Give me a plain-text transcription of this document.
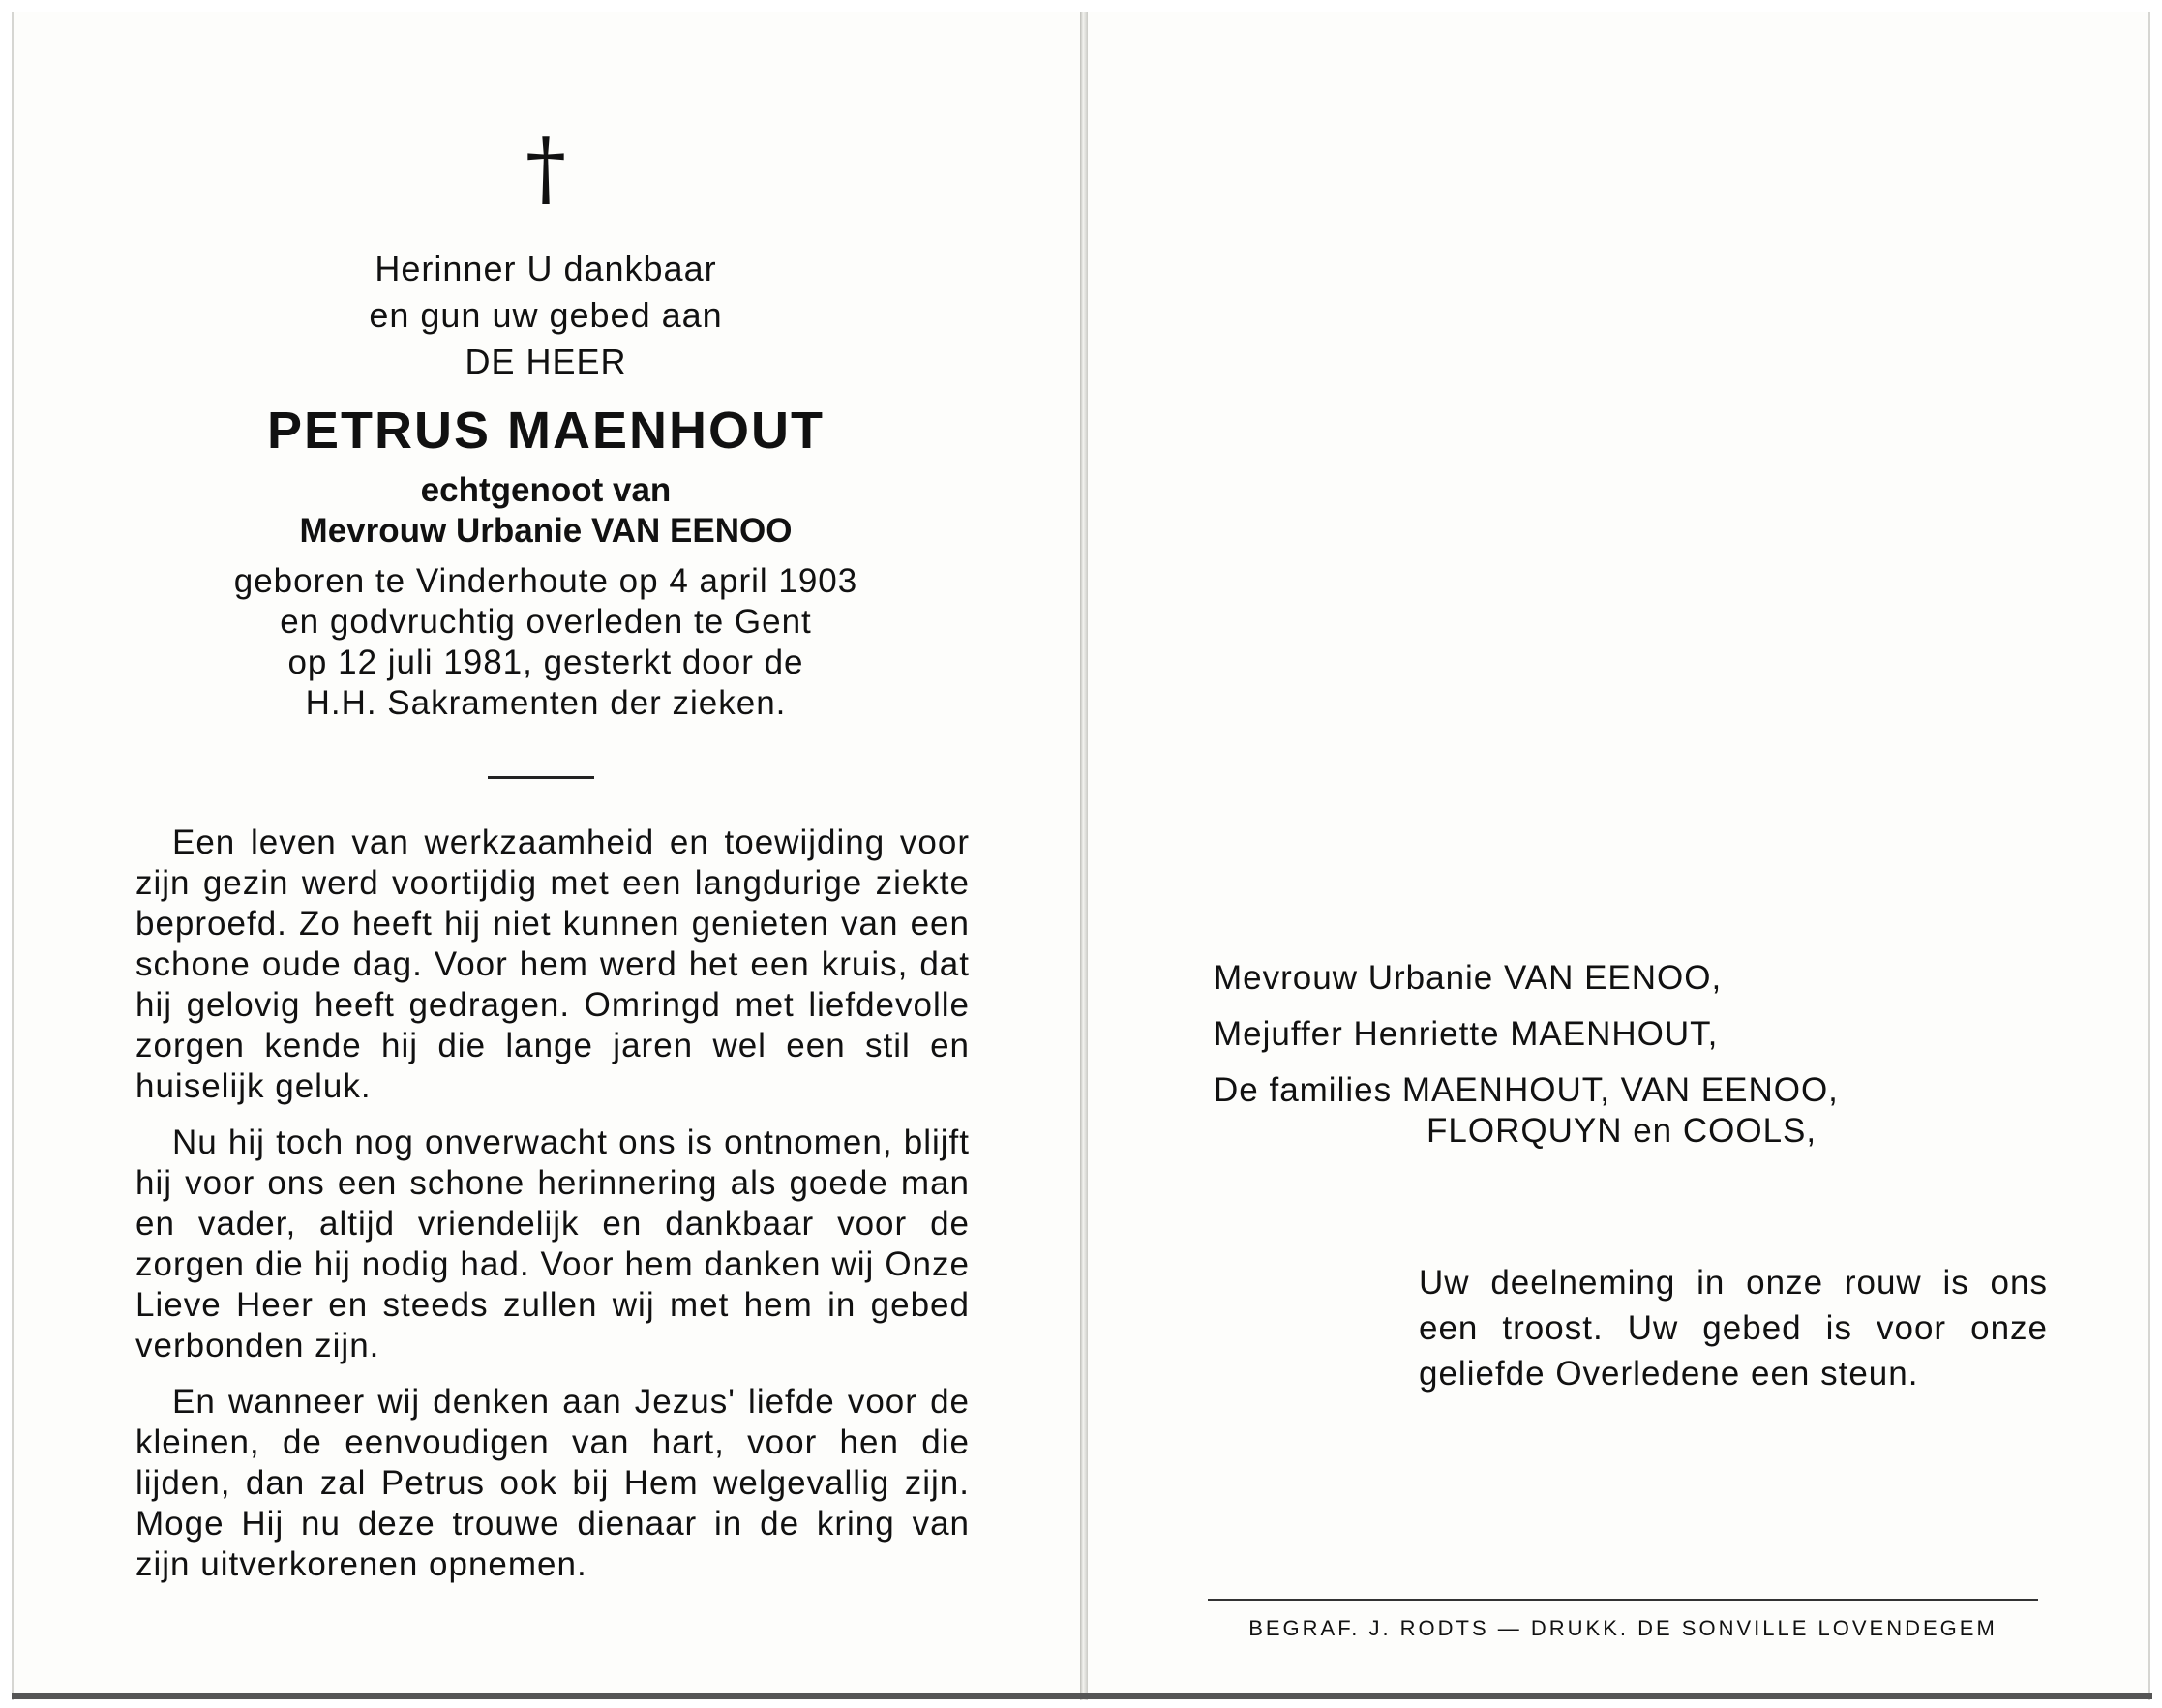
†
Herinner U dankbaar
en gun uw gebed aan
DE HEER
PETRUS MAENHOUT
echtgenoot van
Mevrouw Urbanie VAN EENOO
geboren te Vinderhoute op 4 april 1903
en godvruchtig overleden te Gent
op 12 juli 1981, gesterkt door de
H.H. Sakramenten der zieken.

Een leven van werkzaamheid en toewijding voor zijn gezin werd voortijdig met een langdurige ziekte beproefd. Zo heeft hij niet kunnen genieten van een schone oude dag. Voor hem werd het een kruis, dat hij gelovig heeft gedragen. Omringd met liefdevolle zorgen kende hij die lange jaren wel een stil en huiselijk geluk.

Nu hij toch nog onverwacht ons is ontnomen, blijft hij voor ons een schone herinnering als goede man en vader, altijd vriendelijk en dankbaar voor de zorgen die hij nodig had. Voor hem danken wij Onze Lieve Heer en steeds zullen wij met hem in gebed verbonden zijn.

En wanneer wij denken aan Jezus' liefde voor de kleinen, de eenvoudigen van hart, voor hen die lijden, dan zal Petrus ook bij Hem welgevallig zijn. Moge Hij nu deze trouwe dienaar in de kring van zijn uitverkorenen opnemen.

Mevrouw Urbanie VAN EENOO,
Mejuffer Henriette MAENHOUT,
De families MAENHOUT, VAN EENOO,
FLORQUYN en COOLS,
Uw deelneming in onze rouw is ons een troost. Uw gebed is voor onze geliefde Overledene een steun.
BEGRAF. J. RODTS — DRUKK. DE SONVILLE LOVENDEGEM
